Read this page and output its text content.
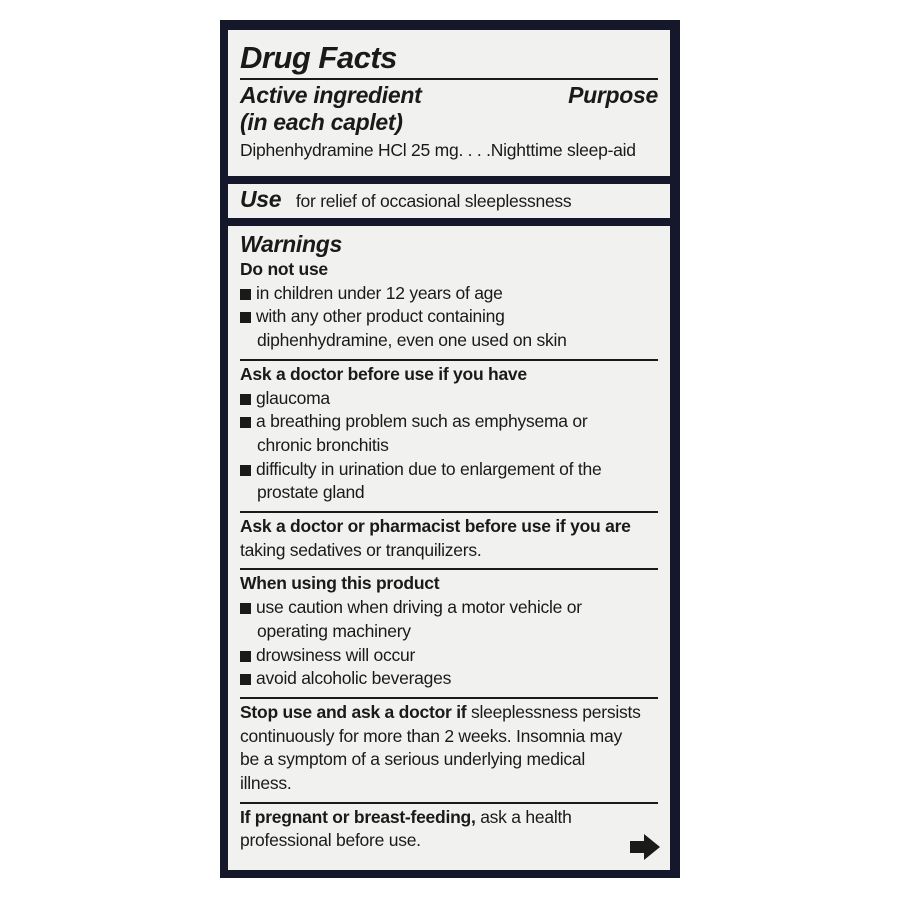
Drug Facts
Active ingredient	Purpose
(in each caplet)
Diphenhydramine HCl 25 mg. . . .Nighttime sleep-aid
Use for relief of occasional sleeplessness
Warnings
Do not use
in children under 12 years of age
with any other product containing
diphenhydramine, even one used on skin
Ask a doctor before use if you have
glaucoma
a breathing problem such as emphysema or
chronic bronchitis
difficulty in urination due to enlargement of the
prostate gland
Ask a doctor or pharmacist before use if you are
taking sedatives or tranquilizers.
When using this product
use caution when driving a motor vehicle or
operating machinery
drowsiness will occur
avoid alcoholic beverages
Stop use and ask a doctor if sleeplessness persists
continuously for more than 2 weeks. Insomnia may
be a symptom of a serious underlying medical
illness.
If pregnant or breast-feeding, ask a health
professional before use.
